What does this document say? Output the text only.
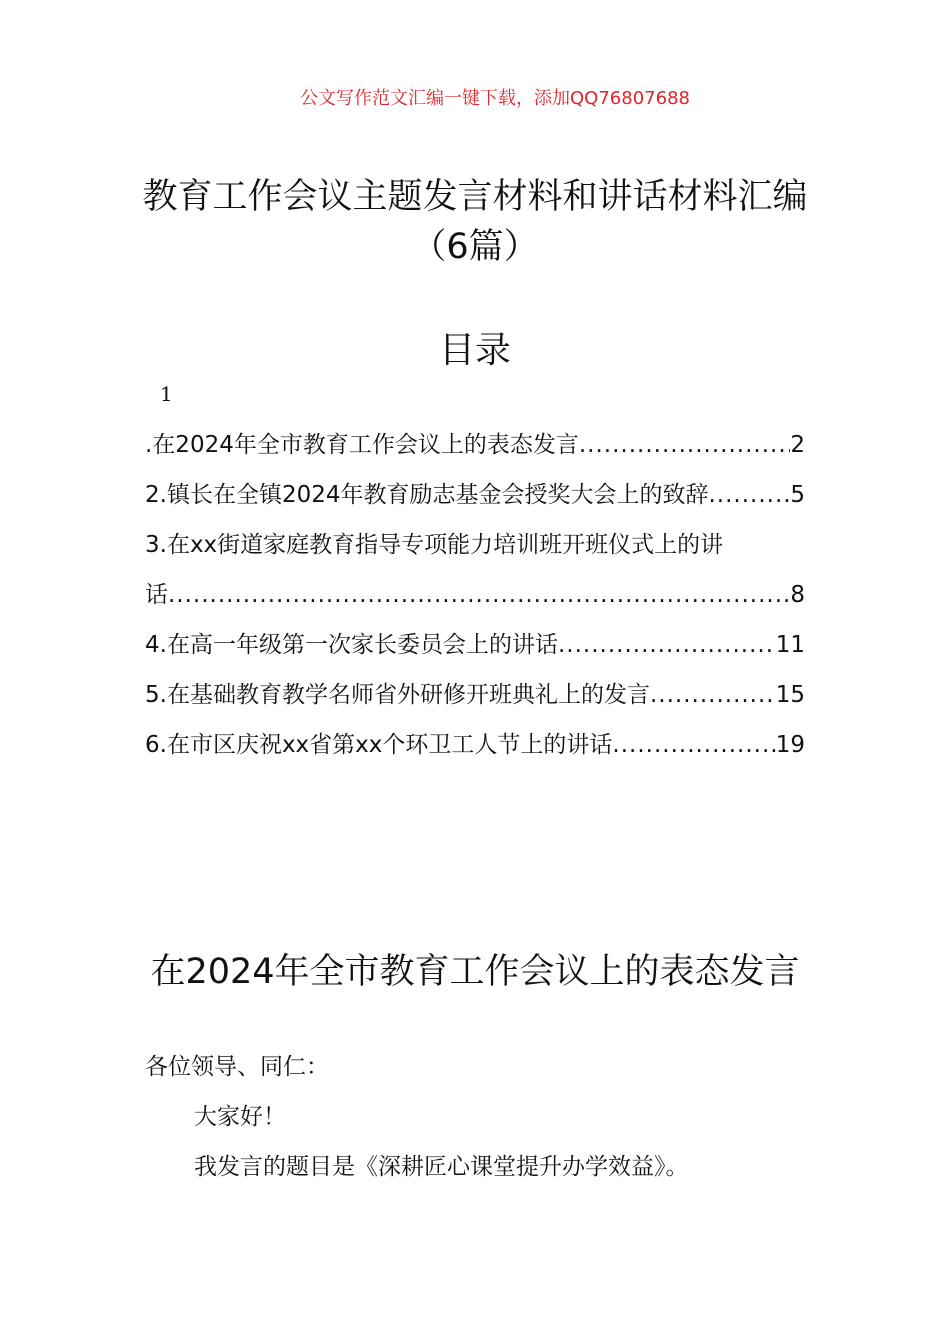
公文写作范文汇编一键下载，添加QQ76807688
教育工作会议主题发言材料和讲话材料汇编（6篇）
目录
1
.在2024年全市教育工作会议上的表态发言 .....	2
2.镇长在全镇2024年教育励志基金会授奖大会上的致辞 .....	5
3.在xx街道家庭教育指导专项能力培训班开班仪式上的讲
话 .....	8
4.在高一年级第一次家长委员会上的讲话 .....	11
5.在基础教育教学名师省外研修开班典礼上的发言 .....	15
6.在市区庆祝xx省第xx个环卫工人节上的讲话 .....	19
在2024年全市教育工作会议上的表态发言
各位领导、同仁：
大家好！
我发言的题目是《深耕匠心课堂提升办学效益》。
